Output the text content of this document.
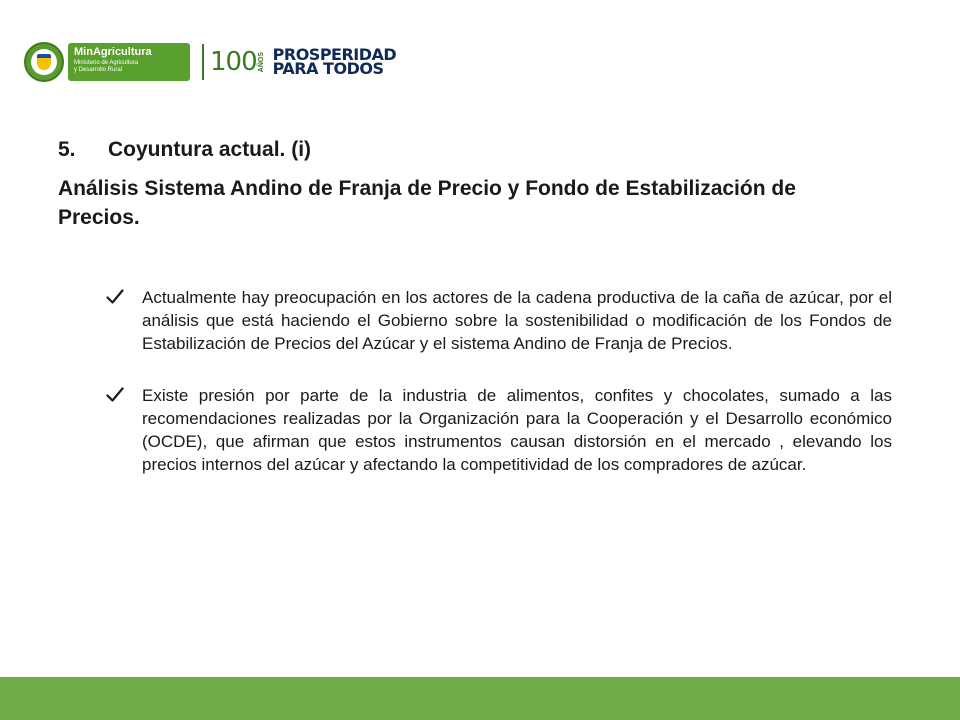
MinAgricultura
Ministerio de Agricultura
y Desarrollo Rural	100 AÑOS PROSPERIDAD
PARA TODOS
5. Coyuntura actual. (i)
Análisis Sistema Andino de Franja de Precio y Fondo de Estabilización de Precios.
Actualmente hay preocupación en los actores de la cadena productiva de la caña de azúcar, por el análisis que está haciendo el Gobierno sobre la sostenibilidad o modificación de los Fondos de Estabilización de Precios del Azúcar y el sistema Andino de Franja de Precios.
Existe presión por parte de la industria de alimentos, confites y chocolates, sumado a las recomendaciones realizadas por la Organización para la Cooperación y el Desarrollo económico (OCDE), que afirman que estos instrumentos causan distorsión en el mercado , elevando los precios internos del azúcar y afectando la competitividad de los compradores de azúcar.
